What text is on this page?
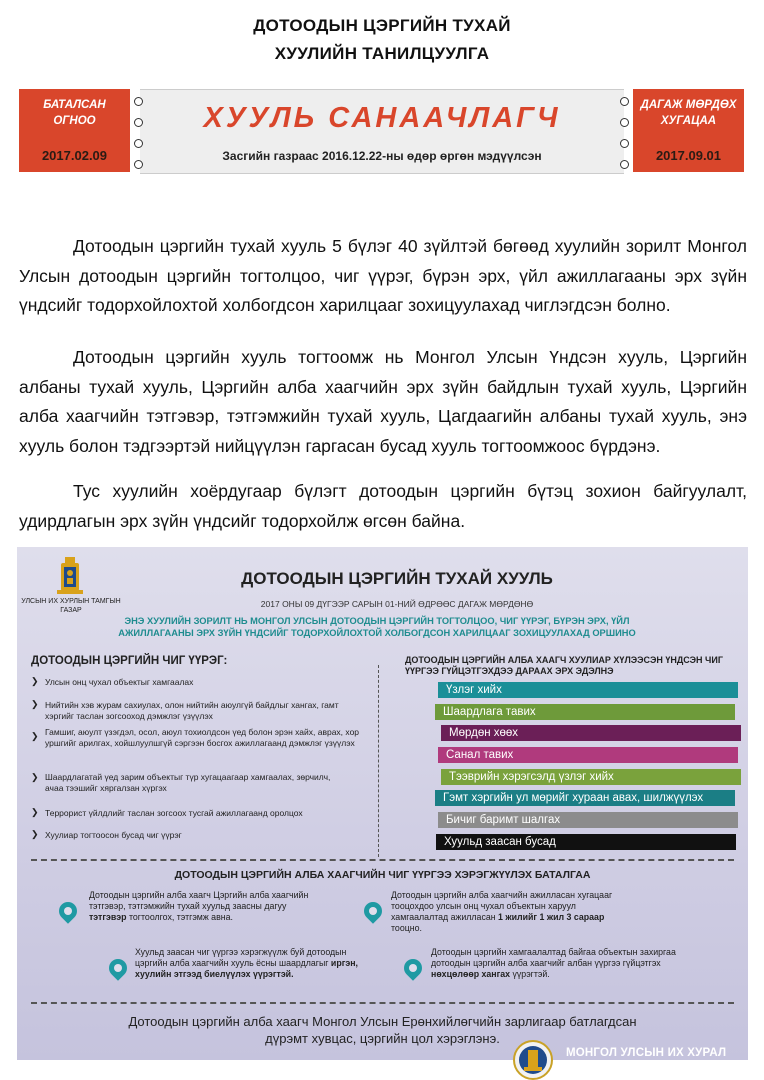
ДОТООДЫН ЦЭРГИЙН ТУХАЙ
ХУУЛИЙН ТАНИЛЦУУЛГА
БАТАЛСАН
ОГНОО
2017.02.09
ХУУЛЬ САНААЧЛАГЧ
Засгийн газраас 2016.12.22-ны өдөр өргөн мэдүүлсэн
ДАГАЖ МӨРДӨХ
ХУГАЦАА
2017.09.01
Дотоодын цэргийн тухай хууль 5 бүлэг 40 зүйлтэй бөгөөд хуулийн зорилт Монгол Улсын дотоодын цэргийн тогтолцоо, чиг үүрэг, бүрэн эрх, үйл ажиллагааны эрх зүйн үндсийг тодорхойлохтой холбогдсон харилцааг зохицуулахад чиглэгдсэн болно.
Дотоодын цэргийн хууль тогтоомж нь Монгол Улсын Үндсэн хууль, Цэргийн албаны тухай хууль, Цэргийн алба хаагчийн эрх зүйн байдлын тухай хууль, Цэргийн алба хаагчийн тэтгэвэр, тэтгэмжийн тухай хууль, Цагдаагийн албаны тухай хууль, энэ хууль болон тэдгээртэй нийцүүлэн гаргасан бусад хууль тогтоомжоос бүрдэнэ.
Тус хуулийн хоёрдугаар бүлэгт дотоодын цэргийн бүтэц зохион байгуулалт, удирдлагын эрх зүйн үндсийг тодорхойлж өгсөн байна.
УЛСЫН ИХ ХУРЛЫН ТАМГЫН ГАЗАР
ДОТООДЫН ЦЭРГИЙН ТУХАЙ ХУУЛЬ
2017 ОНЫ 09 ДҮГЭЭР САРЫН 01-НИЙ ӨДРӨӨС ДАГАЖ МӨРДӨНӨ
ЭНЭ ХУУЛИЙН ЗОРИЛТ НЬ МОНГОЛ УЛСЫН ДОТООДЫН ЦЭРГИЙН ТОГТОЛЦОО, ЧИГ ҮҮРЭГ, БҮРЭН ЭРХ, ҮЙЛ АЖИЛЛАГААНЫ ЭРХ ЗҮЙН ҮНДСИЙГ ТОДОРХОЙЛОХТОЙ ХОЛБОГДСОН ХАРИЛЦААГ ЗОХИЦУУЛАХАД ОРШИНО
ДОТООДЫН ЦЭРГИЙН ЧИГ ҮҮРЭГ:	ДОТООДЫН ЦЭРГИЙН АЛБА ХААГЧ ХУУЛИАР ХҮЛЭЭСЭН ҮНДСЭН ЧИГ ҮҮРГЭЭ ГҮЙЦЭТГЭХДЭЭ ДАРААХ ЭРХ ЭДЭЛНЭ
❯ Улсын онц чухал объектыг хамгаалах
❯ Нийтийн хэв журам сахиулах, олон нийтийн аюулгүй байдлыг хангах, гамт хэргийг таслан зогсооход дэмжлэг үзүүлэх
❯ Гамшиг, аюулт үзэгдэл, осол, аюул тохиолдсон үед болон эрэн хайх, аврах, хор уршгийг арилгах, хойшлуулшгүй сэргээн босгох ажиллагаанд дэмжлэг үзүүлэх
❯ Шаардлагатай үед зарим объектыг түр хугацаагаар хамгаалах, зөрчилч, ачаа тээшийг хяргалзан хүргэх
❯ Террорист үйлдлийг таслан зогсоох тусгай ажиллагаанд оролцох
❯ Хуулиар тогтоосон бусад чиг үүрэг
Үзлэг хийх
Шаардлага тавих
Мөрдөн хөөх
Санал тавих
Тээврийн хэрэгсэлд үзлэг хийх
Гэмт хэргийн ул мөрийг хураан авах, шилжүүлэх
Бичиг баримт шалгах
Хуульд заасан бусад
ДОТООДЫН ЦЭРГИЙН АЛБА ХААГЧИЙН ЧИГ ҮҮРГЭЭ ХЭРЭГЖҮҮЛЭХ БАТАЛГАА
Дотоодын цэргийн алба хаагч Цэргийн алба хаагчийн тэтгэвэр, тэтгэмжийн тухай хуульд заасны дагуу тэтгэвэр тогтоолгох, тэтгэмж авна.
Дотоодын цэргийн алба хаагчийн ажилласан хугацааг тооцохдоо улсын онц чухал объектын харуул хамгаалалтад ажилласан 1 жилийг 1 жил 3 сараар тооцно.
Хуульд заасан чиг үүргээ хэрэгжүүлж буй дотоодын цэргийн алба хаагчийн хууль ёсны шаардлагыг иргэн, хуулийн этгээд биелүүлэх үүрэгтэй.
Дотоодын цэргийн хамгаалалтад байгаа объектын захиргаа дотоодын цэргийн алба хаагчийг албан үүргээ гүйцэтгэх нөхцөлөөр хангах үүрэгтэй.
Дотоодын цэргийн алба хаагч Монгол Улсын Ерөнхийлөгчийн зарлигаар батлагдсан
дүрэмт хувцас, цэргийн цол хэрэглэнэ.
МОНГОЛ УЛСЫН ИХ ХУРАЛ
